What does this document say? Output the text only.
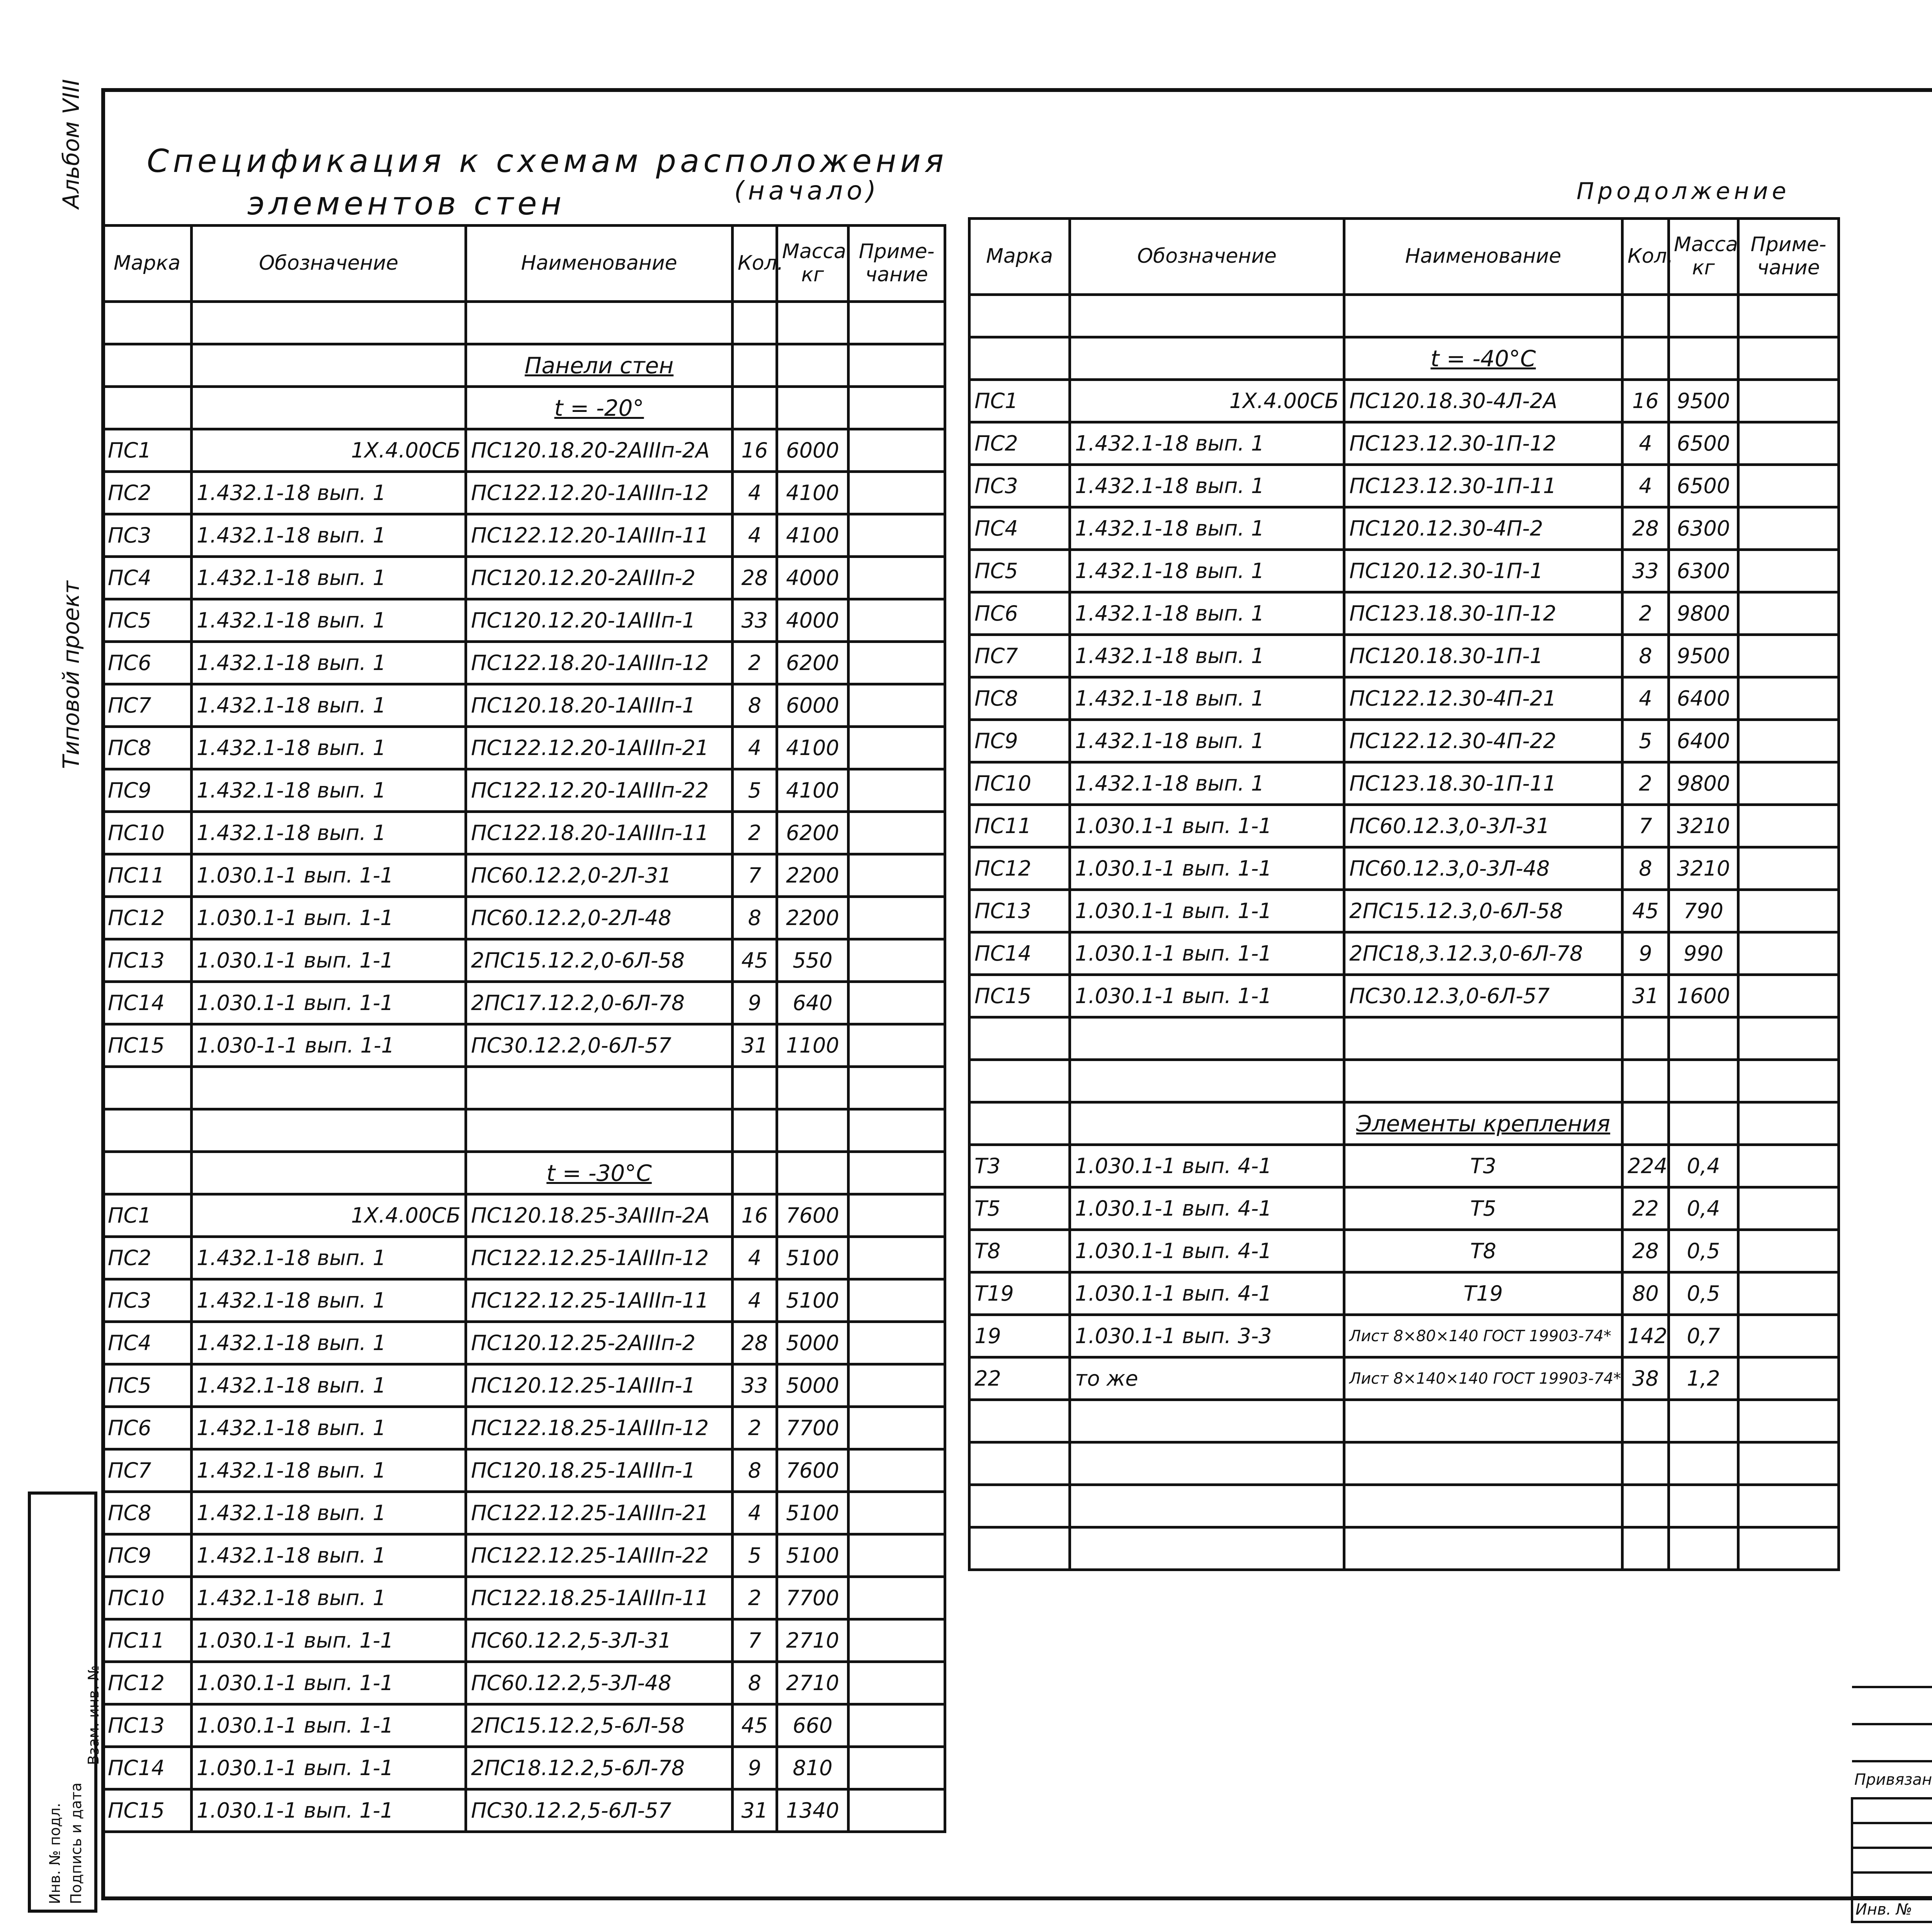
Альбом VIII
Типовой проект
Инв. № подл. Подпись и дата
Взам. инв. №
Спецификация к схемам расположения
элементов стен	(начало)	Продолжение
Марка	Обозначение	Наименование	Кол.	Масса кг	Приме- чание

		Панели стен			
		t = -20°			
ПС1	1Х.4.00СБ	ПС120.18.20-2АIIIп-2А	16	6000	
ПС2	1.432.1-18 вып. 1	ПС122.12.20-1АIIIп-12	4	4100	
ПС3	1.432.1-18 вып. 1	ПС122.12.20-1АIIIп-11	4	4100	
ПС4	1.432.1-18 вып. 1	ПС120.12.20-2АIIIп-2	28	4000	
ПС5	1.432.1-18 вып. 1	ПС120.12.20-1АIIIп-1	33	4000	
ПС6	1.432.1-18 вып. 1	ПС122.18.20-1АIIIп-12	2	6200	
ПС7	1.432.1-18 вып. 1	ПС120.18.20-1АIIIп-1	8	6000	
ПС8	1.432.1-18 вып. 1	ПС122.12.20-1АIIIп-21	4	4100	
ПС9	1.432.1-18 вып. 1	ПС122.12.20-1АIIIп-22	5	4100	
ПС10	1.432.1-18 вып. 1	ПС122.18.20-1АIIIп-11	2	6200	
ПС11	1.030.1-1 вып. 1-1	ПС60.12.2,0-2Л-31	7	2200	
ПС12	1.030.1-1 вып. 1-1	ПС60.12.2,0-2Л-48	8	2200	
ПС13	1.030.1-1 вып. 1-1	2ПС15.12.2,0-6Л-58	45	550	
ПС14	1.030.1-1 вып. 1-1	2ПС17.12.2,0-6Л-78	9	640	
ПС15	1.030-1-1 вып. 1-1	ПС30.12.2,0-6Л-57	31	1100	

		t = -30°С			
ПС1	1Х.4.00СБ	ПС120.18.25-3АIIIп-2А	16	7600	
ПС2	1.432.1-18 вып. 1	ПС122.12.25-1АIIIп-12	4	5100	
ПС3	1.432.1-18 вып. 1	ПС122.12.25-1АIIIп-11	4	5100	
ПС4	1.432.1-18 вып. 1	ПС120.12.25-2АIIIп-2	28	5000	
ПС5	1.432.1-18 вып. 1	ПС120.12.25-1АIIIп-1	33	5000	
ПС6	1.432.1-18 вып. 1	ПС122.18.25-1АIIIп-12	2	7700	
ПС7	1.432.1-18 вып. 1	ПС120.18.25-1АIIIп-1	8	7600	
ПС8	1.432.1-18 вып. 1	ПС122.12.25-1АIIIп-21	4	5100	
ПС9	1.432.1-18 вып. 1	ПС122.12.25-1АIIIп-22	5	5100	
ПС10	1.432.1-18 вып. 1	ПС122.18.25-1АIIIп-11	2	7700	
ПС11	1.030.1-1 вып. 1-1	ПС60.12.2,5-3Л-31	7	2710	
ПС12	1.030.1-1 вып. 1-1	ПС60.12.2,5-3Л-48	8	2710	
ПС13	1.030.1-1 вып. 1-1	2ПС15.12.2,5-6Л-58	45	660	
ПС14	1.030.1-1 вып. 1-1	2ПС18.12.2,5-6Л-78	9	810	
ПС15	1.030.1-1 вып. 1-1	ПС30.12.2,5-6Л-57	31	1340	
Марка	Обозначение	Наименование	Кол.	Масса кг	Приме- чание

		t = -40°С			
ПС1	1Х.4.00СБ	ПС120.18.30-4Л-2А	16	9500	
ПС2	1.432.1-18 вып. 1	ПС123.12.30-1П-12	4	6500	
ПС3	1.432.1-18 вып. 1	ПС123.12.30-1П-11	4	6500	
ПС4	1.432.1-18 вып. 1	ПС120.12.30-4П-2	28	6300	
ПС5	1.432.1-18 вып. 1	ПС120.12.30-1П-1	33	6300	
ПС6	1.432.1-18 вып. 1	ПС123.18.30-1П-12	2	9800	
ПС7	1.432.1-18 вып. 1	ПС120.18.30-1П-1	8	9500	
ПС8	1.432.1-18 вып. 1	ПС122.12.30-4П-21	4	6400	
ПС9	1.432.1-18 вып. 1	ПС122.12.30-4П-22	5	6400	
ПС10	1.432.1-18 вып. 1	ПС123.18.30-1П-11	2	9800	
ПС11	1.030.1-1 вып. 1-1	ПС60.12.3,0-3Л-31	7	3210	
ПС12	1.030.1-1 вып. 1-1	ПС60.12.3,0-3Л-48	8	3210	
ПС13	1.030.1-1 вып. 1-1	2ПС15.12.3,0-6Л-58	45	790	
ПС14	1.030.1-1 вып. 1-1	2ПС18,3.12.3,0-6Л-78	9	990	
ПС15	1.030.1-1 вып. 1-1	ПС30.12.3,0-6Л-57	31	1600	

		Элементы крепления			
Т3	1.030.1-1 вып. 4-1	Т3	224	0,4	
Т5	1.030.1-1 вып. 4-1	Т5	22	0,4	
Т8	1.030.1-1 вып. 4-1	Т8	28	0,5	
Т19	1.030.1-1 вып. 4-1	Т19	80	0,5	
19	1.030.1-1 вып. 3-3	Лист 8×80×140 ГОСТ 19903-74*	142	0,7	
22	то же	Лист 8×140×140 ГОСТ 19903-74*	38	1,2	

Привязан			

Инв. №			
